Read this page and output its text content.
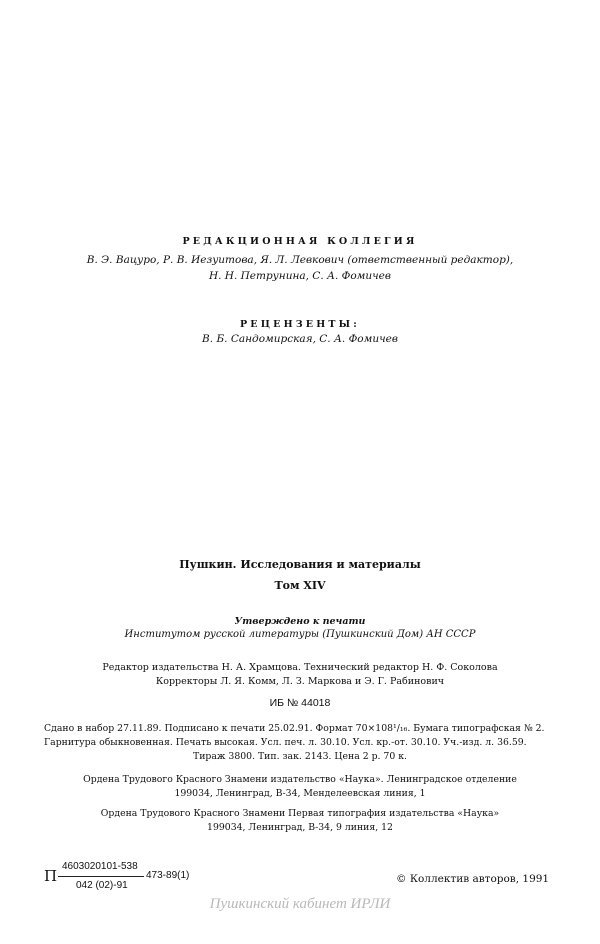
РЕДАКЦИОННАЯ КОЛЛЕГИЯ
В. Э. Вацуро, Р. В. Иезуитова, Я. Л. Левкович (ответственный редактор),
Н. Н. Петрунина, С. А. Фомичев
РЕЦЕНЗЕНТЫ:
В. Б. Сандомирская, С. А. Фомичев
Пушкин. Исследования и материалы
Том XIV
Утверждено к печати
Институтом русской литературы (Пушкинский Дом) АН СССР
Редактор издательства Н. А. Храмцова. Технический редактор Н. Ф. Соколова
Корректоры Л. Я. Комм, Л. З. Маркова и Э. Г. Рабинович
ИБ № 44018
Сдано в набор 27.11.89. Подписано к печати 25.02.91. Формат 70×108¹/₁₆. Бумага типографская № 2.
Гарнитура обыкновенная. Печать высокая. Усл. печ. л. 30.10. Усл. кр.-от. 30.10. Уч.-изд. л. 36.59.
Тираж 3800. Тип. зак. 2143. Цена 2 р. 70 к.
Ордена Трудового Красного Знамени издательство «Наука». Ленинградское отделение
199034, Ленинград, В-34, Менделеевская линия, 1
Ордена Трудового Красного Знамени Первая типография издательства «Наука»
199034, Ленинград, В-34, 9 линия, 12
П
4603020101-538
042 (02)-91
473-89(1)	© Коллектив авторов, 1991
Пушкинский кабинет ИРЛИ
